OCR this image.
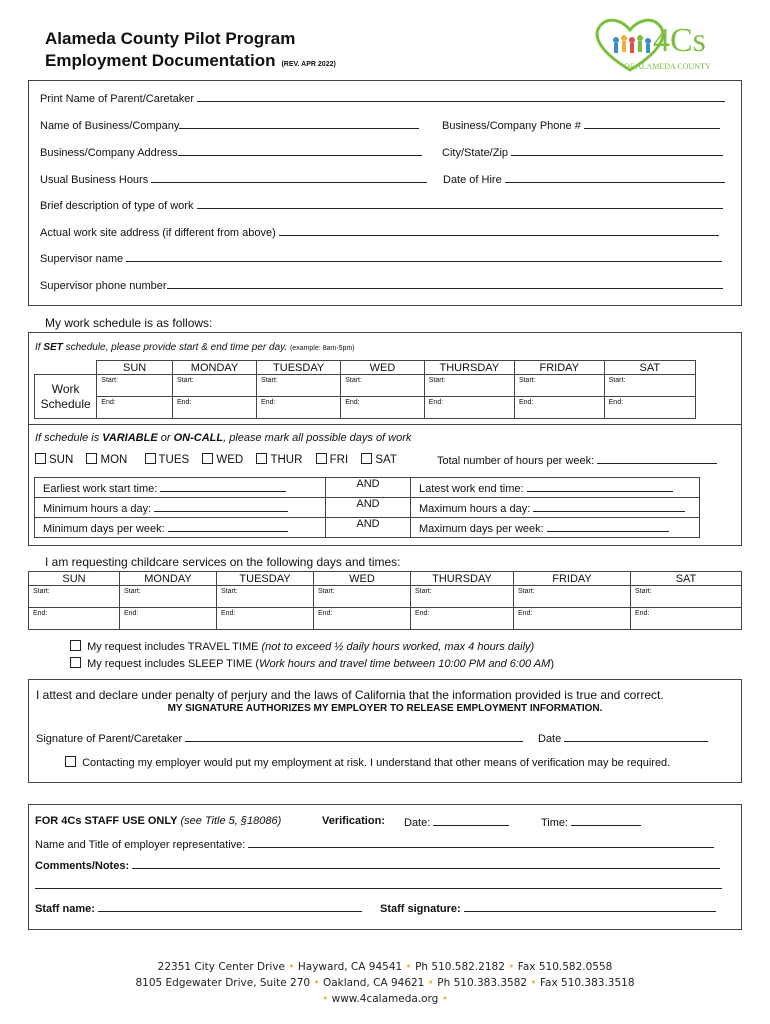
Alameda County Pilot Program
Employment Documentation (REV. APR 2022)
4Cs
OF ALAMEDA COUNTY
Print Name of Parent/Caretaker
Name of Business/Company	Business/Company Phone #
Business/Company Address	City/State/Zip
Usual Business Hours	Date of Hire
Brief description of type of work
Actual work site address (if different from above)
Supervisor name
Supervisor phone number
My work schedule is as follows:
If SET schedule, please provide start & end time per day. (example: 8am-5pm)
	SUN	MONDAY	TUESDAY	WED	THURSDAY	FRIDAY	SAT
Work Schedule	Start:	Start:	Start:	Start:	Start:	Start:	Start:
	End:	End:	End:	End:	End:	End:	End:
If schedule is VARIABLE or ON-CALL, please mark all possible days of work
SUN MON	TUES WED THUR FRI SAT	Total number of hours per week:
Earliest work start time:	AND	Latest work end time:
Minimum hours a day:	AND	Maximum hours a day:
Minimum days per week:	AND	Maximum days per week:
I am requesting childcare services on the following days and times:
SUN	MONDAY	TUESDAY	WED	THURSDAY	FRIDAY	SAT
Start:	Start:	Start:	Start:	Start:	Start:	Start:
End:	End:	End:	End:	End:	End:	End:
My request includes TRAVEL TIME (not to exceed ½ daily hours worked, max 4 hours daily)
My request includes SLEEP TIME (Work hours and travel time between 10:00 PM and 6:00 AM)
I attest and declare under penalty of perjury and the laws of California that the information provided is true and correct.
MY SIGNATURE AUTHORIZES MY EMPLOYER TO RELEASE EMPLOYMENT INFORMATION.
Signature of Parent/Caretaker	Date
Contacting my employer would put my employment at risk. I understand that other means of verification may be required.
FOR 4Cs STAFF USE ONLY (see Title 5, §18086)	Verification: Date:	Time:
Name and Title of employer representative:
Comments/Notes:
Staff name:	Staff signature:
22351 City Center Drive • Hayward, CA 94541 • Ph 510.582.2182 • Fax 510.582.0558
8105 Edgewater Drive, Suite 270 • Oakland, CA 94621 • Ph 510.383.3582 • Fax 510.383.3518
• www.4calameda.org •
